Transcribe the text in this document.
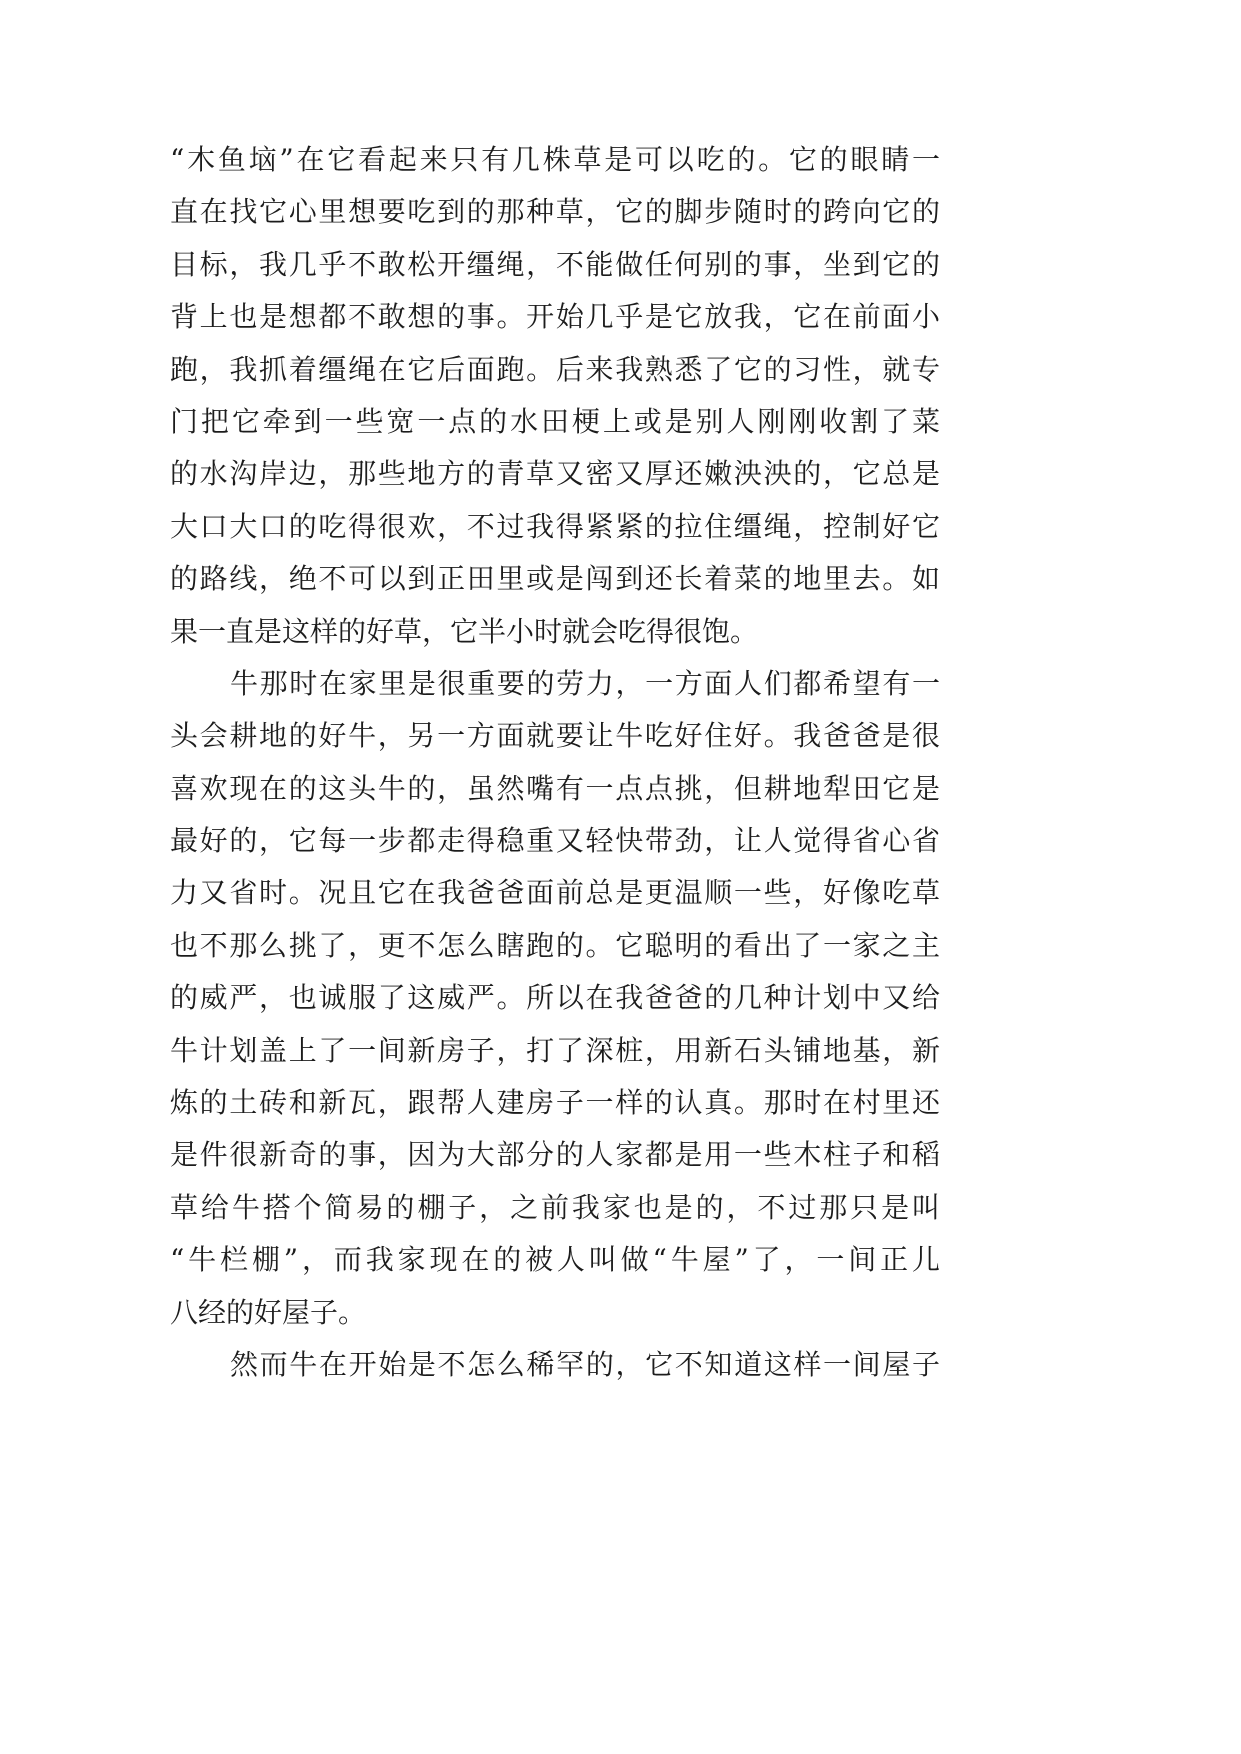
“木鱼垴”在它看起来只有几株草是可以吃的。它的眼睛一
直在找它心里想要吃到的那种草，它的脚步随时的跨向它的
目标，我几乎不敢松开缰绳，不能做任何别的事，坐到它的
背上也是想都不敢想的事。开始几乎是它放我，它在前面小
跑，我抓着缰绳在它后面跑。后来我熟悉了它的习性，就专
门把它牵到一些宽一点的水田梗上或是别人刚刚收割了菜
的水沟岸边，那些地方的青草又密又厚还嫩泱泱的，它总是
大口大口的吃得很欢，不过我得紧紧的拉住缰绳，控制好它
的路线，绝不可以到正田里或是闯到还长着菜的地里去。如
果一直是这样的好草，它半小时就会吃得很饱。
牛那时在家里是很重要的劳力，一方面人们都希望有一
头会耕地的好牛，另一方面就要让牛吃好住好。我爸爸是很
喜欢现在的这头牛的，虽然嘴有一点点挑，但耕地犁田它是
最好的，它每一步都走得稳重又轻快带劲，让人觉得省心省
力又省时。况且它在我爸爸面前总是更温顺一些，好像吃草
也不那么挑了，更不怎么瞎跑的。它聪明的看出了一家之主
的威严，也诚服了这威严。所以在我爸爸的几种计划中又给
牛计划盖上了一间新房子，打了深桩，用新石头铺地基，新
炼的土砖和新瓦，跟帮人建房子一样的认真。那时在村里还
是件很新奇的事，因为大部分的人家都是用一些木柱子和稻
草给牛搭个简易的棚子，之前我家也是的，不过那只是叫
“牛栏棚”，而我家现在的被人叫做“牛屋”了，一间正儿
八经的好屋子。
然而牛在开始是不怎么稀罕的，它不知道这样一间屋子
